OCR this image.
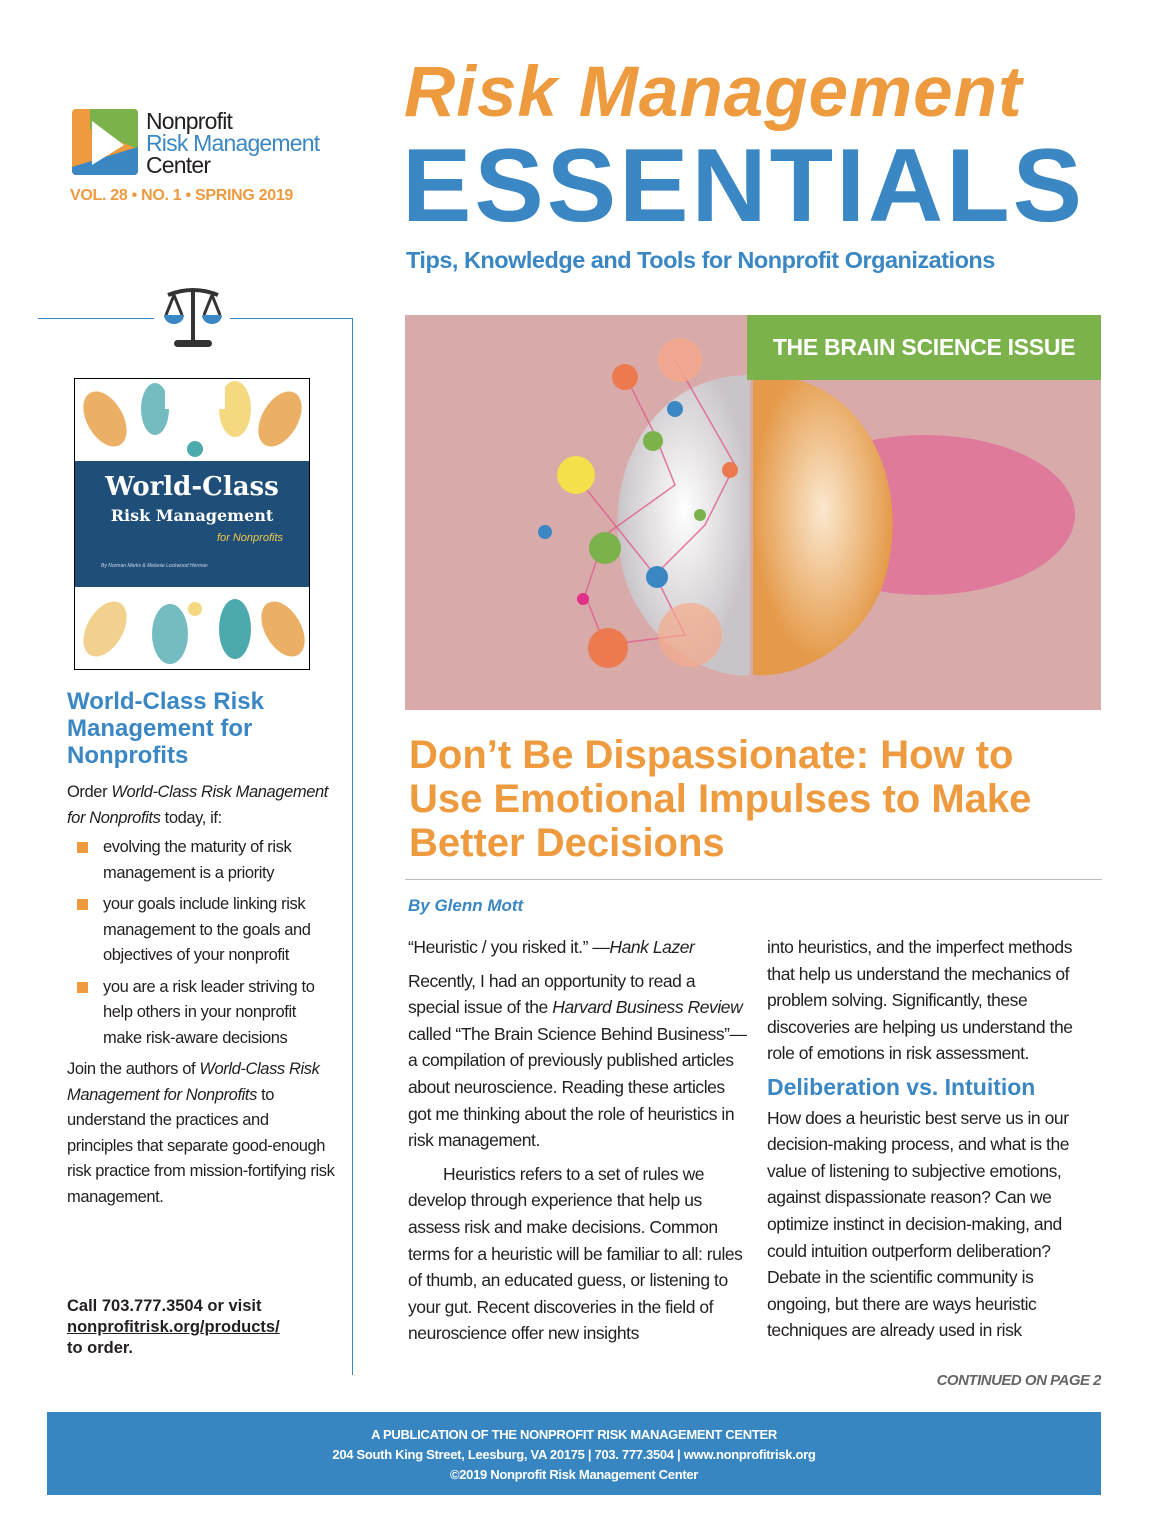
Nonprofit
Risk Management
Center
VOL. 28 • NO. 1 • SPRING 2019
World-Class
Risk Management
for Nonprofits
By Norman Marks & Melanie Lockwood Herman
World-Class Risk Management for Nonprofits

Order World-Class Risk Management for Nonprofits today, if:

evolving the maturity of risk management is a priority
your goals include linking risk management to the goals and objectives of your nonprofit
you are a risk leader striving to help others in your nonprofit make risk-aware decisions

Join the authors of World-Class Risk Management for Nonprofits to understand the practices and principles that separate good-enough risk practice from mission-fortifying risk management.

Call 703.777.3504 or visit
nonprofitrisk.org/products/
to order.
Risk Management
ESSENTIALS
Tips, Knowledge and Tools for Nonprofit Organizations
THE BRAIN SCIENCE ISSUE
Don’t Be Dispassionate: How to Use Emotional Impulses to Make Better Decisions
By Glenn Mott

“Heuristic / you risked it.” —Hank Lazer

Recently, I had an opportunity to read a special issue of the Harvard Business Review called “The Brain Science Behind Business”—a compilation of previously published articles about neuroscience. Reading these articles got me thinking about the role of heuristics in risk management.

Heuristics refers to a set of rules we develop through experience that help us assess risk and make decisions. Common terms for a heuristic will be familiar to all: rules of thumb, an educated guess, or listening to your gut. Recent discoveries in the field of neuroscience offer new insights

into heuristics, and the imperfect methods that help us understand the mechanics of problem solving. Significantly, these discoveries are helping us understand the role of emotions in risk assessment.

Deliberation vs. Intuition

How does a heuristic best serve us in our decision-making process, and what is the value of listening to subjective emotions, against dispassionate reason? Can we optimize instinct in decision-making, and could intuition outperform deliberation? Debate in the scientific community is ongoing, but there are ways heuristic techniques are already used in risk

CONTINUED ON PAGE 2
A PUBLICATION OF THE NONPROFIT RISK MANAGEMENT CENTER
204 South King Street, Leesburg, VA 20175 | 703. 777.3504 | www.nonprofitrisk.org
©2019 Nonprofit Risk Management Center
